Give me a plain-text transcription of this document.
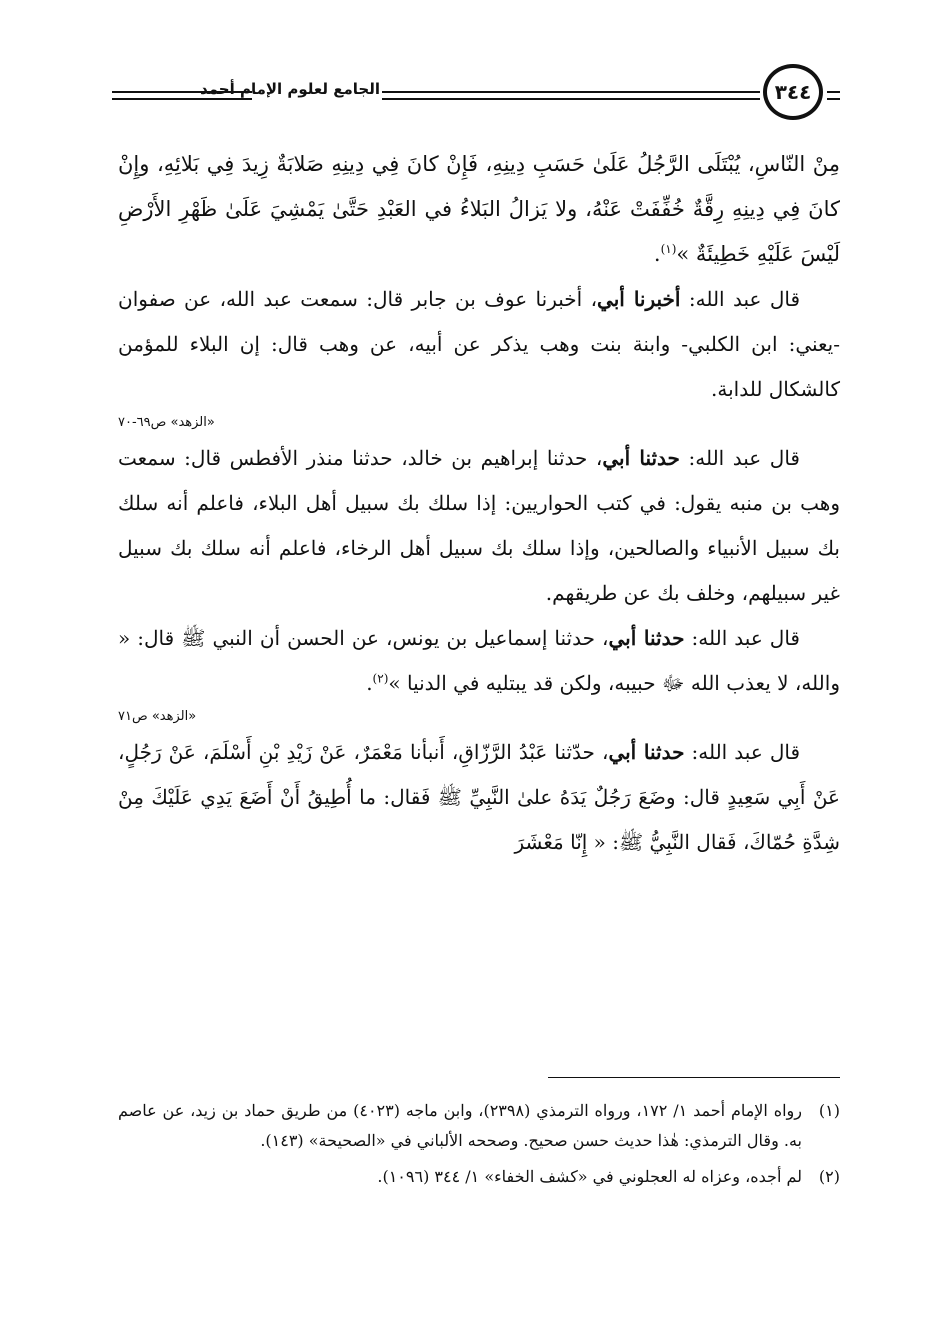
الجامع لعلوم الإمام أحمد	٣٤٤

مِنْ النّاسِ، يُبْتَلَى الرَّجُلُ عَلَىٰ حَسَبِ دِينِهِ، فَإِنْ كانَ فِي دِينِهِ صَلابَةٌ زِيدَ فِي بَلائِهِ، وإِنْ كانَ فِي دِينِهِ رِقَّةٌ خُفِّفَتْ عَنْهُ، ولا يَزالُ البَلاءُ في العَبْدِ حَتَّىٰ يَمْشِيَ عَلَىٰ ظَهْرِ الأَرْضِ لَيْسَ عَلَيْهِ خَطِيئَةٌ »$^{(١)}$.

قال عبد الله: أخبرنا أبي، أخبرنا عوف بن جابر قال: سمعت عبد الله، عن صفوان -يعني: ابن الكلبي- وابنة بنت وهب يذكر عن أبيه، عن وهب قال: إن البلاء للمؤمن كالشكال للدابة.

«الزهد» ص٦٩-٧٠

قال عبد الله: حدثنا أبي، حدثنا إبراهيم بن خالد، حدثنا منذر الأفطس قال: سمعت وهب بن منبه يقول: في كتب الحواريين: إذا سلك بك سبيل أهل البلاء، فاعلم أنه سلك بك سبيل الأنبياء والصالحين، وإذا سلك بك سبيل أهل الرخاء، فاعلم أنه سلك بك سبيل غير سبيلهم، وخلف بك عن طريقهم.

قال عبد الله: حدثنا أبي، حدثنا إسماعيل بن يونس، عن الحسن أن النبي ﷺ قال: « والله، لا يعذب الله ﷻ حبيبه، ولكن قد يبتليه في الدنيا »$^{(٢)}$.

«الزهد» ص٧١

قال عبد الله: حدثنا أبي، حدّثنا عَبْدُ الرَّزّاقِ، أَنبأنا مَعْمَرٌ، عَنْ زَيْدِ بْنِ أَسْلَمَ، عَنْ رَجُلٍ، عَنْ أَبِي سَعِيدٍ قال: وضَعَ رَجُلٌ يَدَهُ علىٰ النَّبِيِّ ﷺ فَقال: ما أُطِيقُ أَنْ أَضَعَ يَدِي عَلَيْكَ مِنْ شِدَّةِ حُمّاكَ، فَقال النَّبِيُّ ﷺ: « إِنّا مَعْشَرَ

(١)
رواه الإمام أحمد ١/ ١٧٢، ورواه الترمذي (٢٣٩٨)، وابن ماجه (٤٠٢٣) من طريق حماد بن زيد، عن عاصم به. وقال الترمذي: هٰذا حديث حسن صحيح. وصححه الألباني في «الصحيحة» (١٤٣).

(٢)
لم أجده، وعزاه له العجلوني في «كشف الخفاء» ١/ ٣٤٤ (١٠٩٦).
